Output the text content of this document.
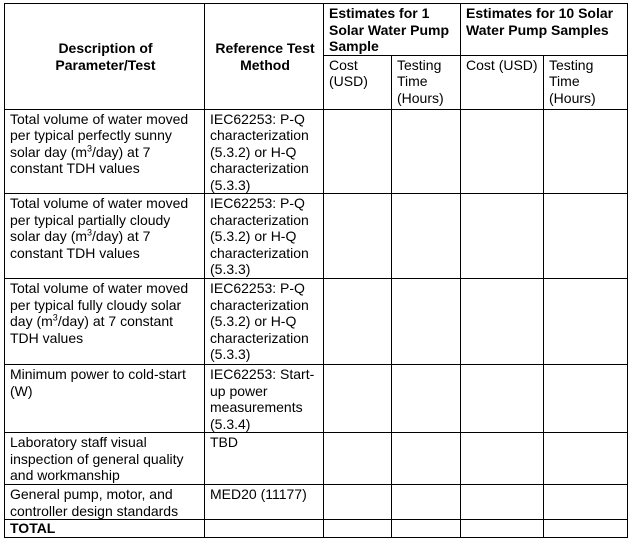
Description of Parameter/Test	Reference Test Method	Estimates for 1 Solar Water Pump Sample		Estimates for 10 Solar Water Pump Samples	
		Cost (USD)	Testing Time (Hours)	Cost (USD)	Testing Time (Hours)
Total volume of water moved per typical perfectly sunny solar day $(m^3/day)$ at 7 constant TDH values	IEC62253: P-Q characterization (5.3.2) or H-Q characterization (5.3.3)				
Total volume of water moved per typical partially cloudy solar day $(m^3/day)$ at 7 constant TDH values	IEC62253: P-Q characterization (5.3.2) or H-Q characterization (5.3.3)				
Total volume of water moved per typical fully cloudy solar day $(m^3/day)$ at 7 constant TDH values	IEC62253: P-Q characterization (5.3.2) or H-Q characterization (5.3.3)				
Minimum power to cold-start (W)	IEC62253: Start-up power measurements (5.3.4)				
Laboratory staff visual inspection of general quality and workmanship	TBD				
General pump, motor, and controller design standards	MED20 (11177)				
TOTAL					
